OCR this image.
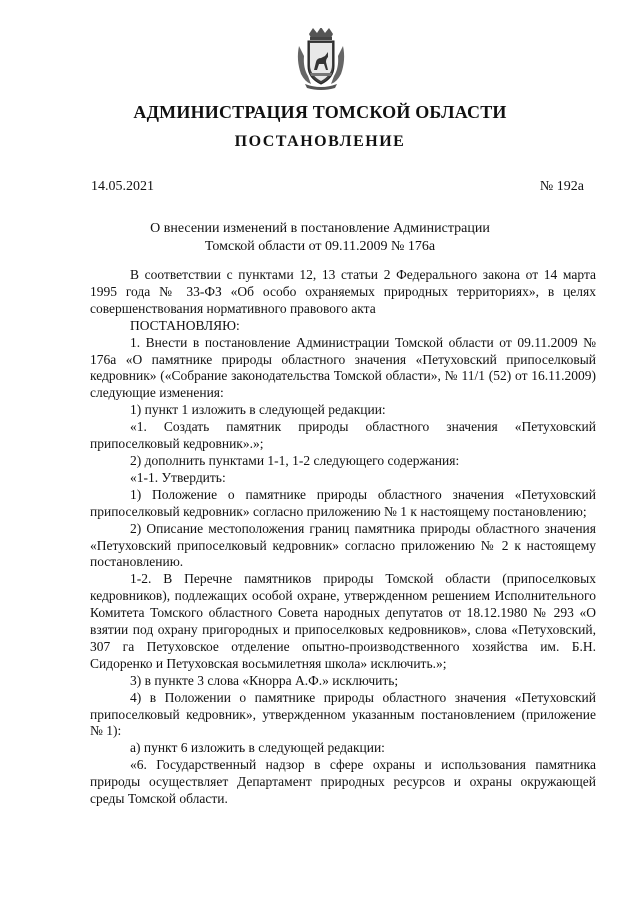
АДМИНИСТРАЦИЯ ТОМСКОЙ ОБЛАСТИ
ПОСТАНОВЛЕНИЕ
14.05.2021	№ 192а
О внесении изменений в постановление Администрации
Томской области от 09.11.2009 № 176а

В соответствии с пунктами 12, 13 статьи 2 Федерального закона от 14 марта 1995 года № 33-ФЗ «Об особо охраняемых природных территориях», в целях совершенствования нормативного правового акта

ПОСТАНОВЛЯЮ:

1. Внести в постановление Администрации Томской области от 09.11.2009 № 176а «О памятнике природы областного значения «Петуховский припоселковый кедровник» («Собрание законодательства Томской области», № 11/1 (52) от 16.11.2009) следующие изменения:

1) пункт 1 изложить в следующей редакции:

«1. Создать памятник природы областного значения «Петуховский припоселковый кедровник».»;

2) дополнить пунктами 1-1, 1-2 следующего содержания:

«1-1. Утвердить:

1) Положение о памятнике природы областного значения «Петуховский припоселковый кедровник» согласно приложению № 1 к настоящему постановлению;

2) Описание местоположения границ памятника природы областного значения «Петуховский припоселковый кедровник» согласно приложению № 2 к настоящему постановлению.

1-2. В Перечне памятников природы Томской области (припоселковых кедровников), подлежащих особой охране, утвержденном решением Исполнительного Комитета Томского областного Совета народных депутатов от 18.12.1980 № 293 «О взятии под охрану пригородных и припоселковых кедровников», слова «Петуховский, 307 га Петуховское отделение опытно-производственного хозяйства им. Б.Н. Сидоренко и Петуховская восьмилетняя школа» исключить.»;

3) в пункте 3 слова «Кнорра А.Ф.» исключить;

4) в Положении о памятнике природы областного значения «Петуховский припоселковый кедровник», утвержденном указанным постановлением (приложение № 1):

а) пункт 6 изложить в следующей редакции:

«6. Государственный надзор в сфере охраны и использования памятника природы осуществляет Департамент природных ресурсов и охраны окружающей среды Томской области.
